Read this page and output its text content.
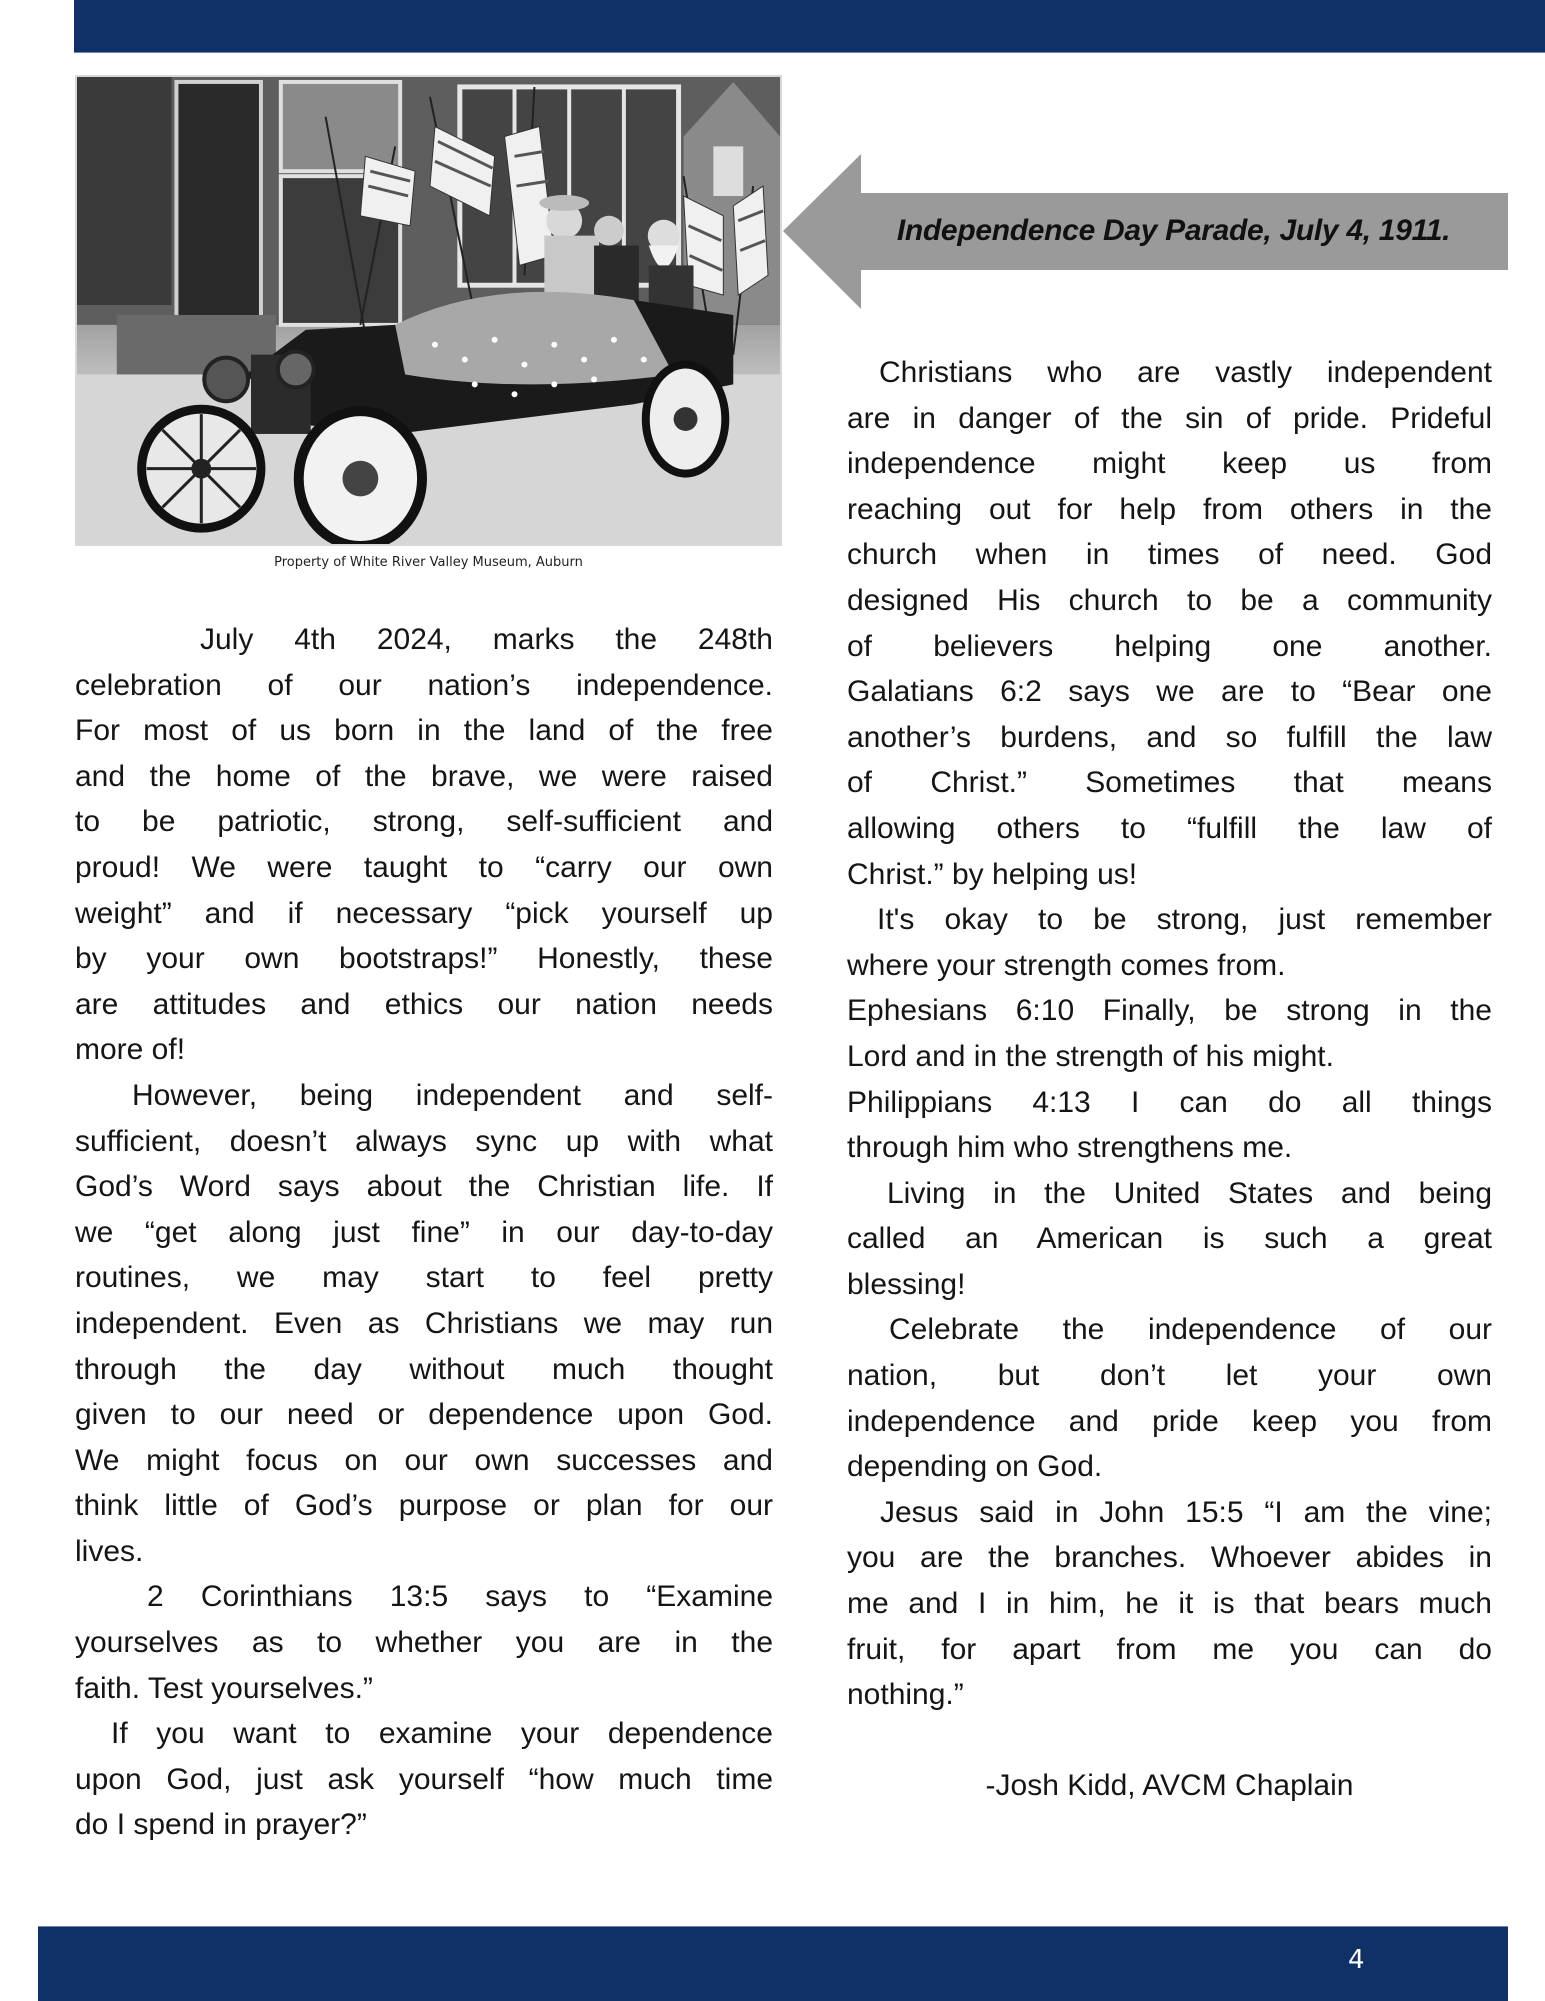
Property of White River Valley Museum, Auburn
Independence Day Parade, July 4, 1911.
July 4th 2024, marks the 248th
celebration of our nation’s independence.
For most of us born in the land of the free
and the home of the brave, we were raised
to be patriotic, strong, self-sufficient and
proud! We were taught to “carry our own
weight” and if necessary “pick yourself up
by your own bootstraps!” Honestly, these
are attitudes and ethics our nation needs
more of!
However, being independent and self-
sufficient, doesn’t always sync up with what
God’s Word says about the Christian life. If
we “get along just fine” in our day-to-day
routines, we may start to feel pretty
independent. Even as Christians we may run
through the day without much thought
given to our need or dependence upon God.
We might focus on our own successes and
think little of God’s purpose or plan for our
lives.
2 Corinthians 13:5 says to “Examine
yourselves as to whether you are in the
faith. Test yourselves.”
If you want to examine your dependence
upon God, just ask yourself “how much time
do I spend in prayer?”
Christians who are vastly independent
are in danger of the sin of pride. Prideful
independence might keep us from
reaching out for help from others in the
church when in times of need. God
designed His church to be a community
of believers helping one another.
Galatians 6:2 says we are to “Bear one
another’s burdens, and so fulfill the law
of Christ.” Sometimes that means
allowing others to “fulfill the law of
Christ.” by helping us!
It's okay to be strong, just remember
where your strength comes from.
Ephesians 6:10 Finally, be strong in the
Lord and in the strength of his might.
Philippians 4:13 I can do all things
through him who strengthens me.
Living in the United States and being
called an American is such a great
blessing!
Celebrate the independence of our
nation, but don’t let your own
independence and pride keep you from
depending on God.
Jesus said in John 15:5 “I am the vine;
you are the branches. Whoever abides in
me and I in him, he it is that bears much
fruit, for apart from me you can do
nothing.”
-Josh Kidd, AVCM Chaplain
4
